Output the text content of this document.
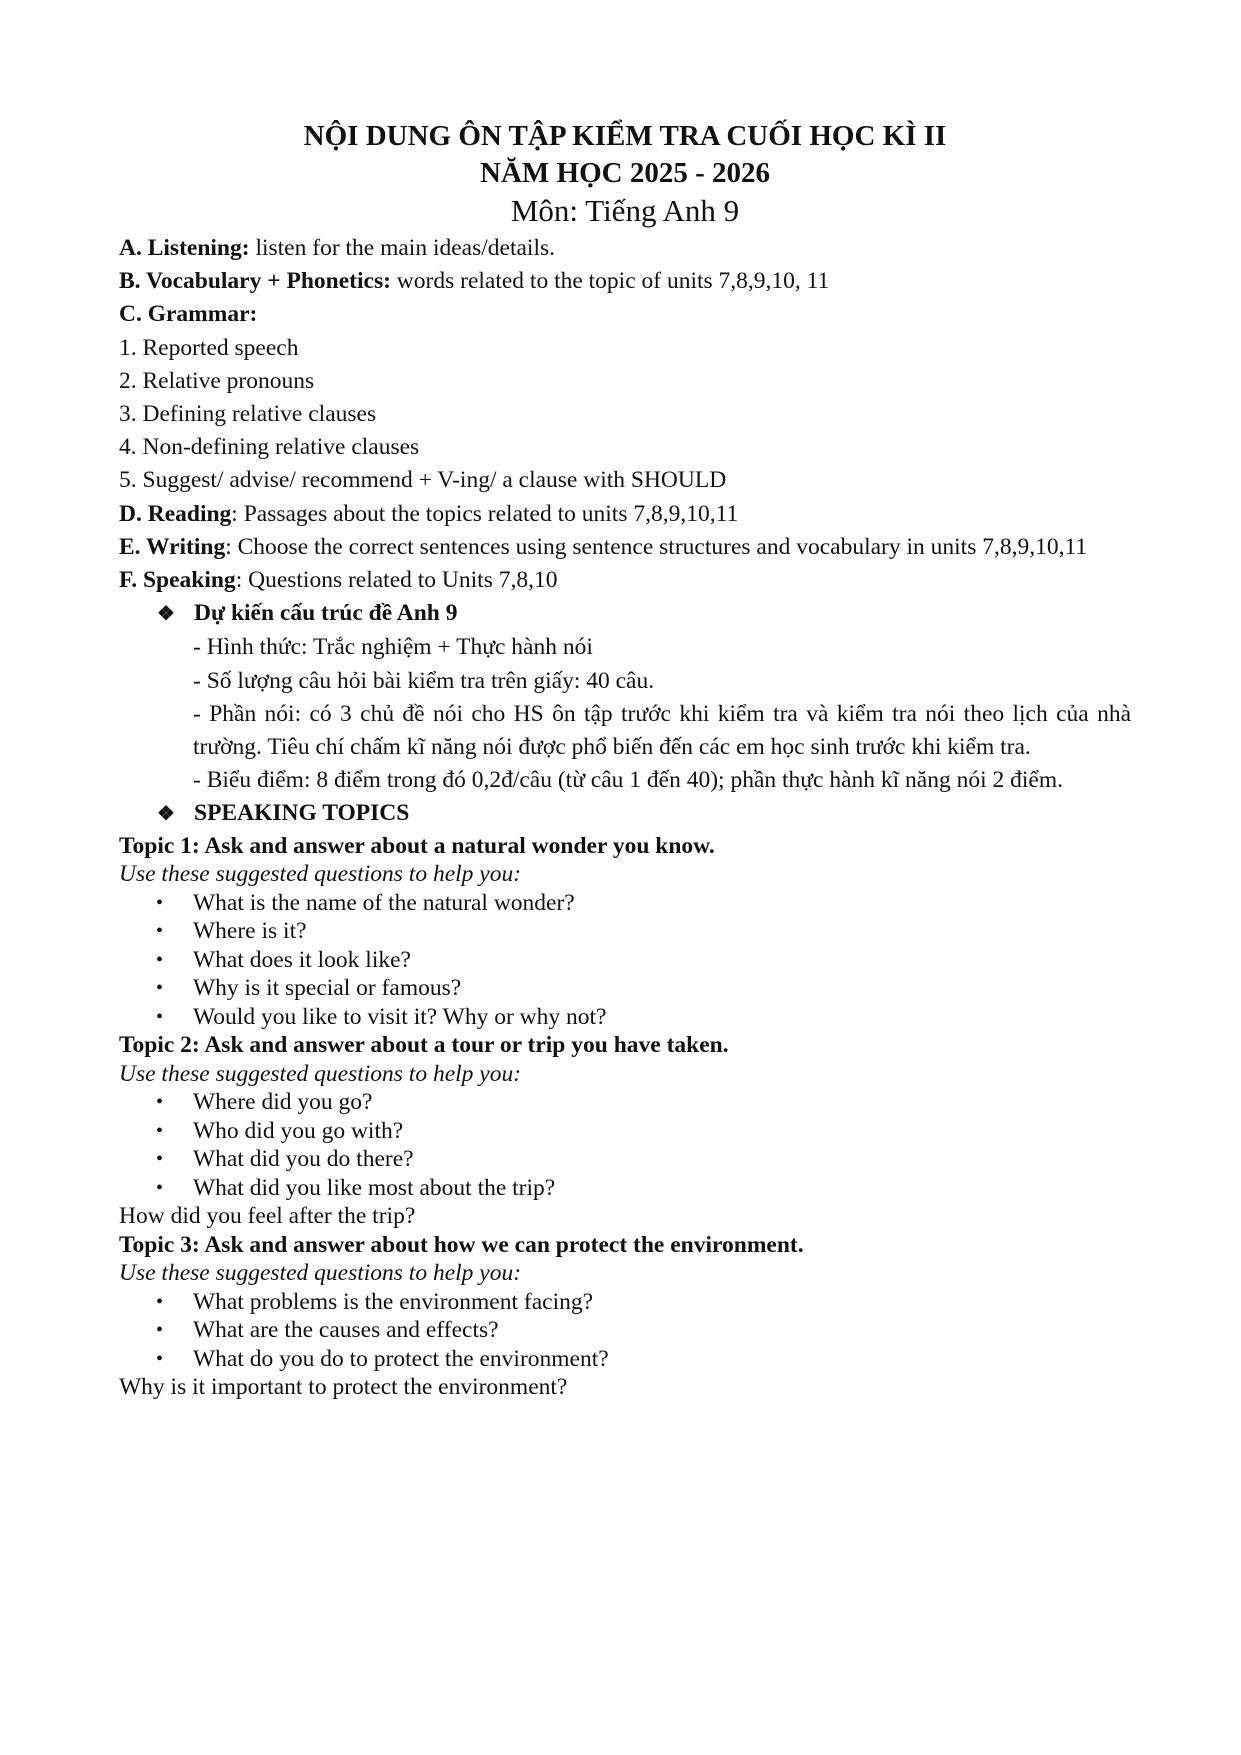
NỘI DUNG ÔN TẬP KIỂM TRA CUỐI HỌC KÌ II

NĂM HỌC 2025 - 2026

Môn: Tiếng Anh 9

A. Listening: listen for the main ideas/details.

B. Vocabulary + Phonetics: words related to the topic of units 7,8,9,10, 11

C. Grammar:

1. Reported speech

2. Relative pronouns

3. Defining relative clauses

4. Non-defining relative clauses

5. Suggest/ advise/ recommend + V-ing/ a clause with SHOULD

D. Reading: Passages about the topics related to units 7,8,9,10,11

E. Writing: Choose the correct sentences using sentence structures and vocabulary in units 7,8,9,10,11

F. Speaking: Questions related to Units 7,8,10

❖ Dự kiến cấu trúc đề Anh 9
- Hình thức: Trắc nghiệm + Thực hành nói
- Số lượng câu hỏi bài kiểm tra trên giấy: 40 câu.
- Phần nói: có 3 chủ đề nói cho HS ôn tập trước khi kiểm tra và kiểm tra nói theo lịch của nhà trường. Tiêu chí chấm kĩ năng nói được phổ biến đến các em học sinh trước khi kiểm tra.
- Biểu điểm: 8 điểm trong đó 0,2đ/câu (từ câu 1 đến 40); phần thực hành kĩ năng nói 2 điểm.
❖ SPEAKING TOPICS

Topic 1: Ask and answer about a natural wonder you know.

Use these suggested questions to help you:

• What is the name of the natural wonder?
• Where is it?
• What does it look like?
• Why is it special or famous?
• Would you like to visit it? Why or why not?

Topic 2: Ask and answer about a tour or trip you have taken.

Use these suggested questions to help you:

• Where did you go?
• Who did you go with?
• What did you do there?
• What did you like most about the trip?

How did you feel after the trip?

Topic 3: Ask and answer about how we can protect the environment.

Use these suggested questions to help you:

• What problems is the environment facing?
• What are the causes and effects?
• What do you do to protect the environment?

Why is it important to protect the environment?
